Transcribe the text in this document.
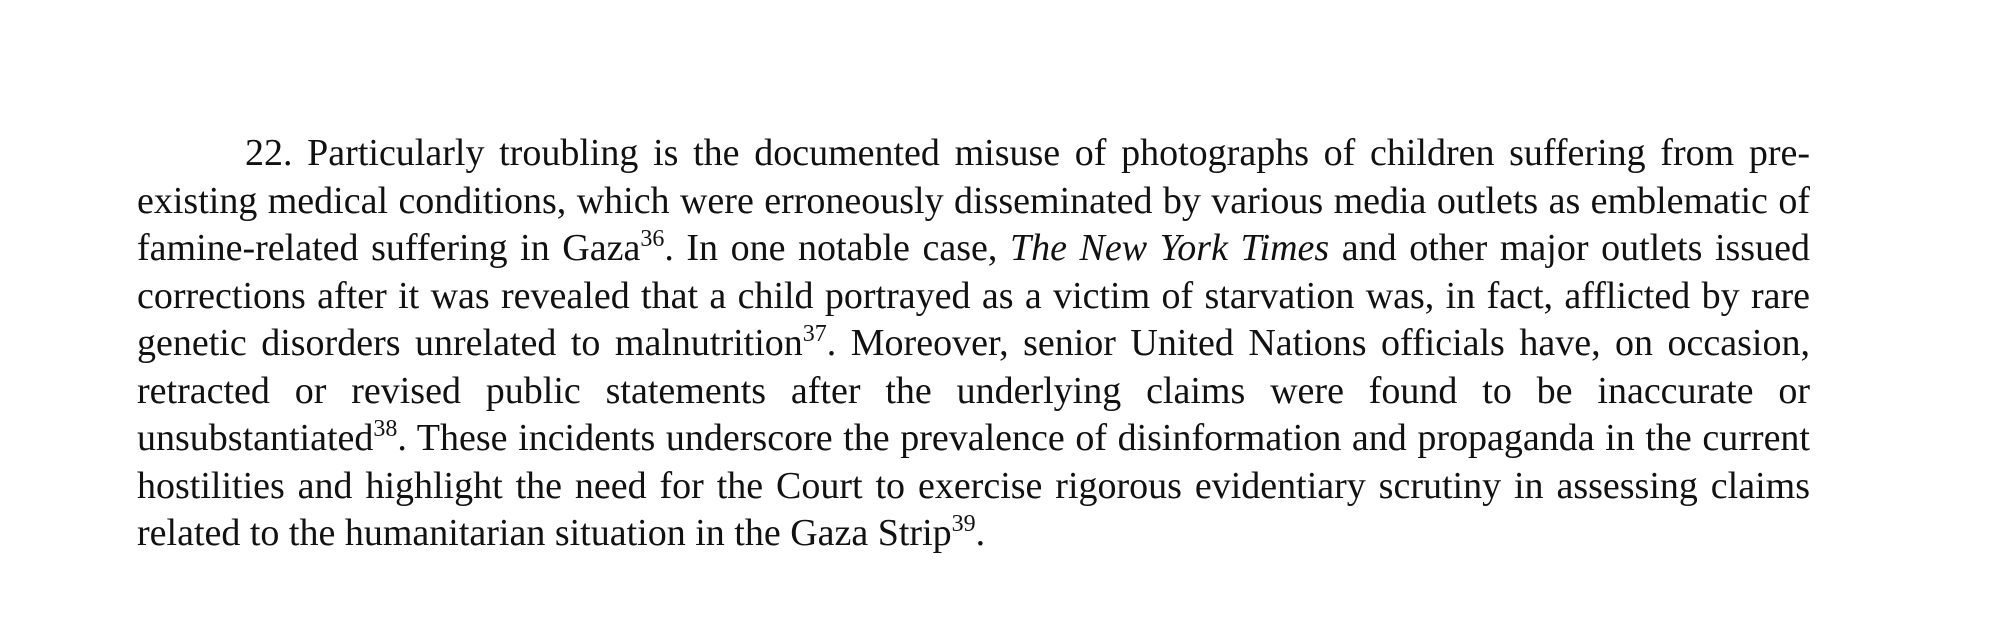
22. Particularly troubling is the documented misuse of photographs of children suffering from pre-existing medical conditions, which were erroneously disseminated by various media outlets as emblematic of famine-related suffering in Gaza$^{36}$. In one notable case, The New York Times and other major outlets issued corrections after it was revealed that a child portrayed as a victim of starvation was, in fact, afflicted by rare genetic disorders unrelated to malnutrition$^{37}$. Moreover, senior United Nations officials have, on occasion, retracted or revised public statements after the underlying claims were found to be inaccurate or unsubstantiated$^{38}$. These incidents underscore the prevalence of disinformation and propaganda in the current hostilities and highlight the need for the Court to exercise rigorous evidentiary scrutiny in assessing claims related to the humanitarian situation in the Gaza Strip$^{39}$.
